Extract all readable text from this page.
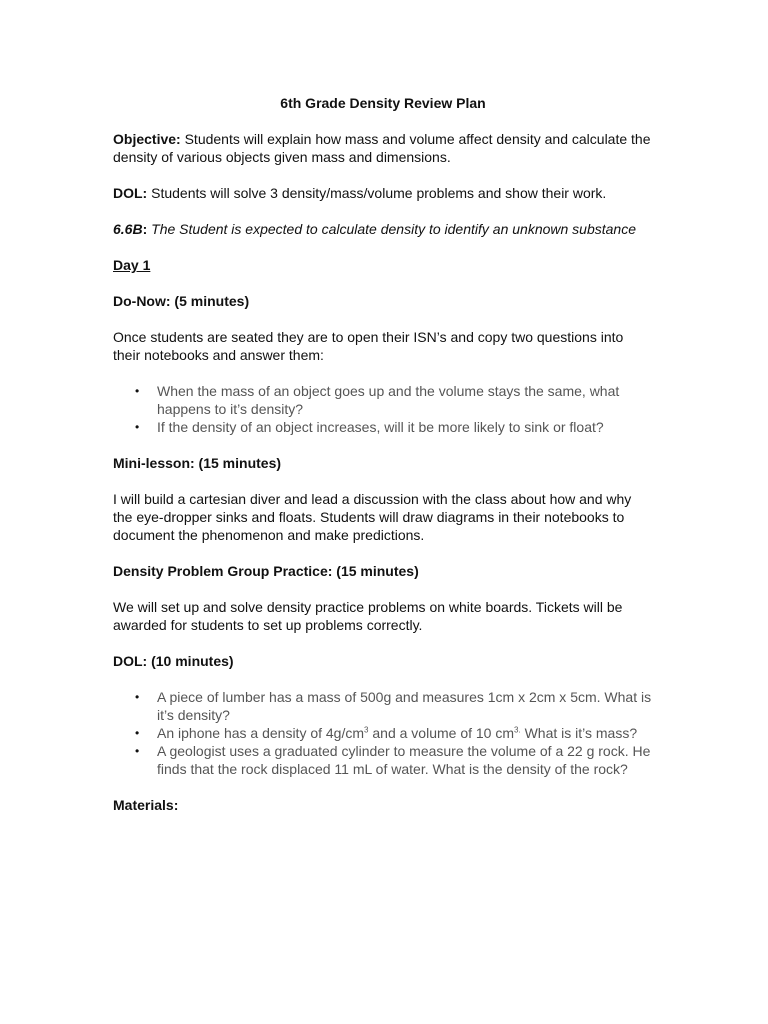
6th Grade Density Review Plan

Objective: Students will explain how mass and volume affect density and calculate the density of various objects given mass and dimensions.

DOL: Students will solve 3 density/mass/volume problems and show their work.

6.6B: The Student is expected to calculate density to identify an unknown substance

Day 1

Do-Now: (5 minutes)

Once students are seated they are to open their ISN’s and copy two questions into their notebooks and answer them:

• When the mass of an object goes up and the volume stays the same, what happens to it’s density?
• If the density of an object increases, will it be more likely to sink or float?

Mini-lesson: (15 minutes)

I will build a cartesian diver and lead a discussion with the class about how and why the eye-dropper sinks and floats. Students will draw diagrams in their notebooks to document the phenomenon and make predictions.

Density Problem Group Practice: (15 minutes)

We will set up and solve density practice problems on white boards. Tickets will be awarded for students to set up problems correctly.

DOL: (10 minutes)

• A piece of lumber has a mass of 500g and measures 1cm x 2cm x 5cm. What is it’s density?
• An iphone has a density of $4g/cm^3$ and a volume of 10 $cm^{3.}$ What is it’s mass?
• A geologist uses a graduated cylinder to measure the volume of a 22 g rock. He finds that the rock displaced 11 mL of water. What is the density of the rock?

Materials:
